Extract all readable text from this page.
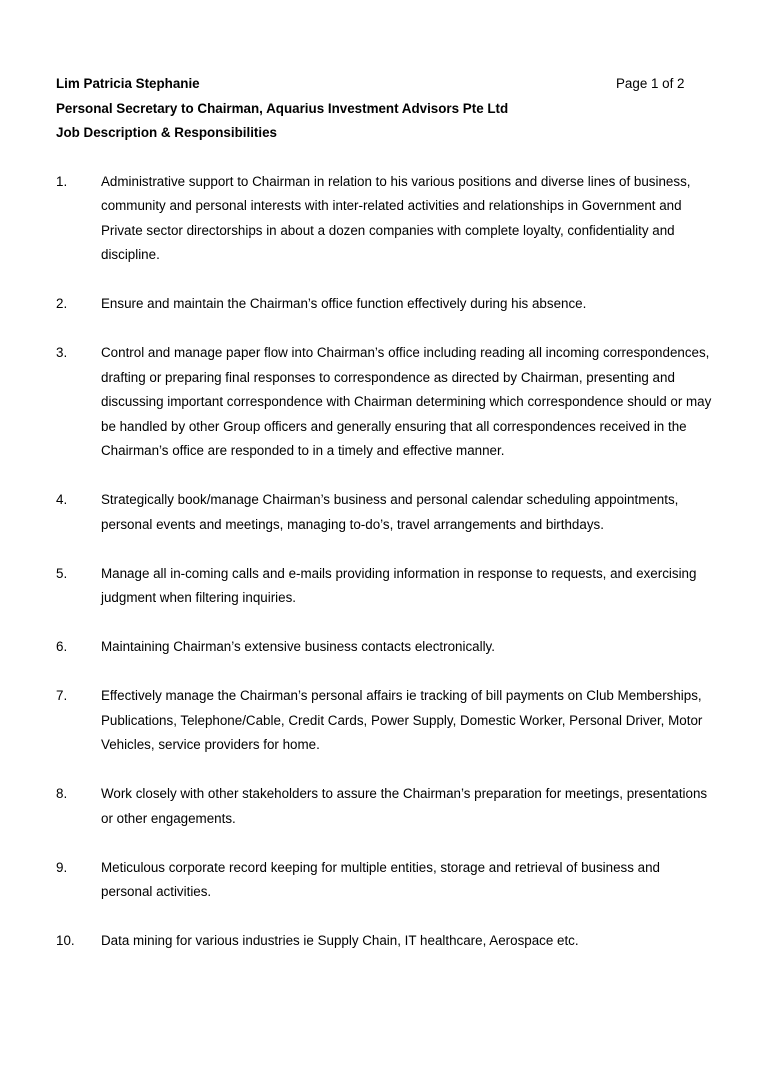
Lim Patricia Stephanie	Page 1 of 2
Personal Secretary to Chairman, Aquarius Investment Advisors Pte Ltd
Job Description & Responsibilities
1.	Administrative support to Chairman in relation to his various positions and diverse lines of business, community and personal interests with inter-related activities and relationships in Government and Private sector directorships in about a dozen companies with complete loyalty, confidentiality and discipline.
2.	Ensure and maintain the Chairman’s office function effectively during his absence.
3.	Control and manage paper flow into Chairman’s office including reading all incoming correspondences, drafting or preparing final responses to correspondence as directed by Chairman, presenting and discussing important correspondence with Chairman determining which correspondence should or may be handled by other Group officers and generally ensuring that all correspondences received in the Chairman’s office are responded to in a timely and effective manner.
4.	Strategically book/manage Chairman’s business and personal calendar scheduling appointments, personal events and meetings, managing to-do’s, travel arrangements and birthdays.
5.	Manage all in-coming calls and e-mails providing information in response to requests, and exercising judgment when filtering inquiries.
6.	Maintaining Chairman’s extensive business contacts electronically.
7.	Effectively manage the Chairman’s personal affairs ie tracking of bill payments on Club Memberships, Publications, Telephone/Cable, Credit Cards, Power Supply, Domestic Worker, Personal Driver, Motor Vehicles, service providers for home.
8.	Work closely with other stakeholders to assure the Chairman’s preparation for meetings, presentations or other engagements.
9.	Meticulous corporate record keeping for multiple entities, storage and retrieval of business and personal activities.
10. Data mining for various industries ie Supply Chain, IT healthcare, Aerospace etc.
